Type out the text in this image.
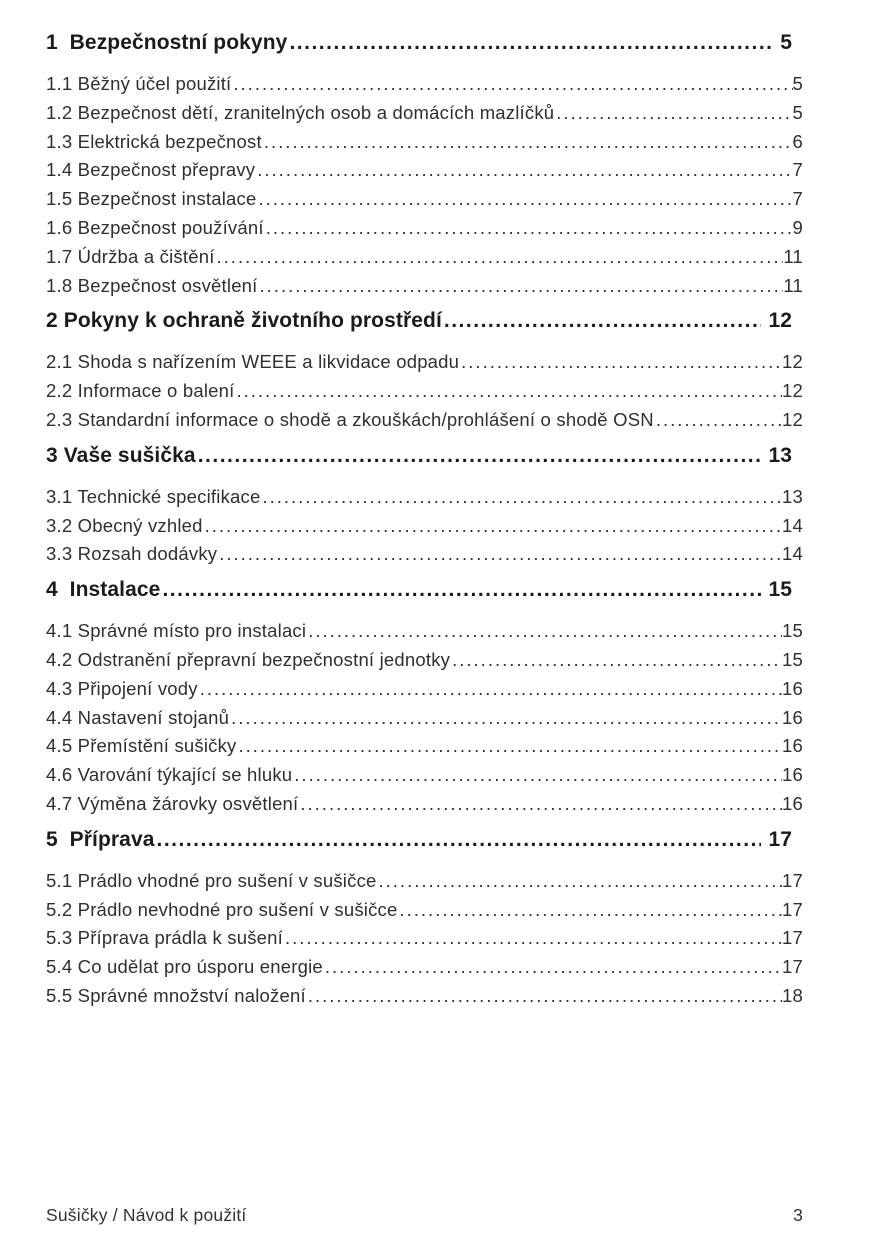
1  Bezpečnostní pokyny .....	5
1.1 Běžný účel použití .....	5
1.2 Bezpečnost dětí, zranitelných osob a domácích mazlíčků .....	5
1.3 Elektrická bezpečnost .....	6
1.4 Bezpečnost přepravy .....	7
1.5 Bezpečnost instalace .....	7
1.6 Bezpečnost používání .....	9
1.7 Údržba a čištění .....	11
1.8 Bezpečnost osvětlení .....	11
2 Pokyny k ochraně životního prostředí .....	12
2.1 Shoda s nařízením WEEE a likvidace odpadu .....	12
2.2 Informace o balení .....	12
2.3 Standardní informace o shodě a zkouškách/prohlášení o shodě OSN .....	12
3 Vaše sušička .....	13
3.1 Technické specifikace .....	13
3.2 Obecný vzhled .....	14
3.3 Rozsah dodávky .....	14
4  Instalace .....	15
4.1 Správné místo pro instalaci .....	15
4.2 Odstranění přepravní bezpečnostní jednotky .....	15
4.3 Připojení vody .....	16
4.4 Nastavení stojanů .....	16
4.5 Přemístění sušičky .....	16
4.6 Varování týkající se hluku .....	16
4.7 Výměna žárovky osvětlení .....	16
5  Příprava .....	17
5.1 Prádlo vhodné pro sušení v sušičce .....	17
5.2 Prádlo nevhodné pro sušení v sušičce .....	17
5.3 Příprava prádla k sušení .....	17
5.4 Co udělat pro úsporu energie .....	17
5.5 Správné množství naložení .....	18
Sušičky / Návod k použití	3
